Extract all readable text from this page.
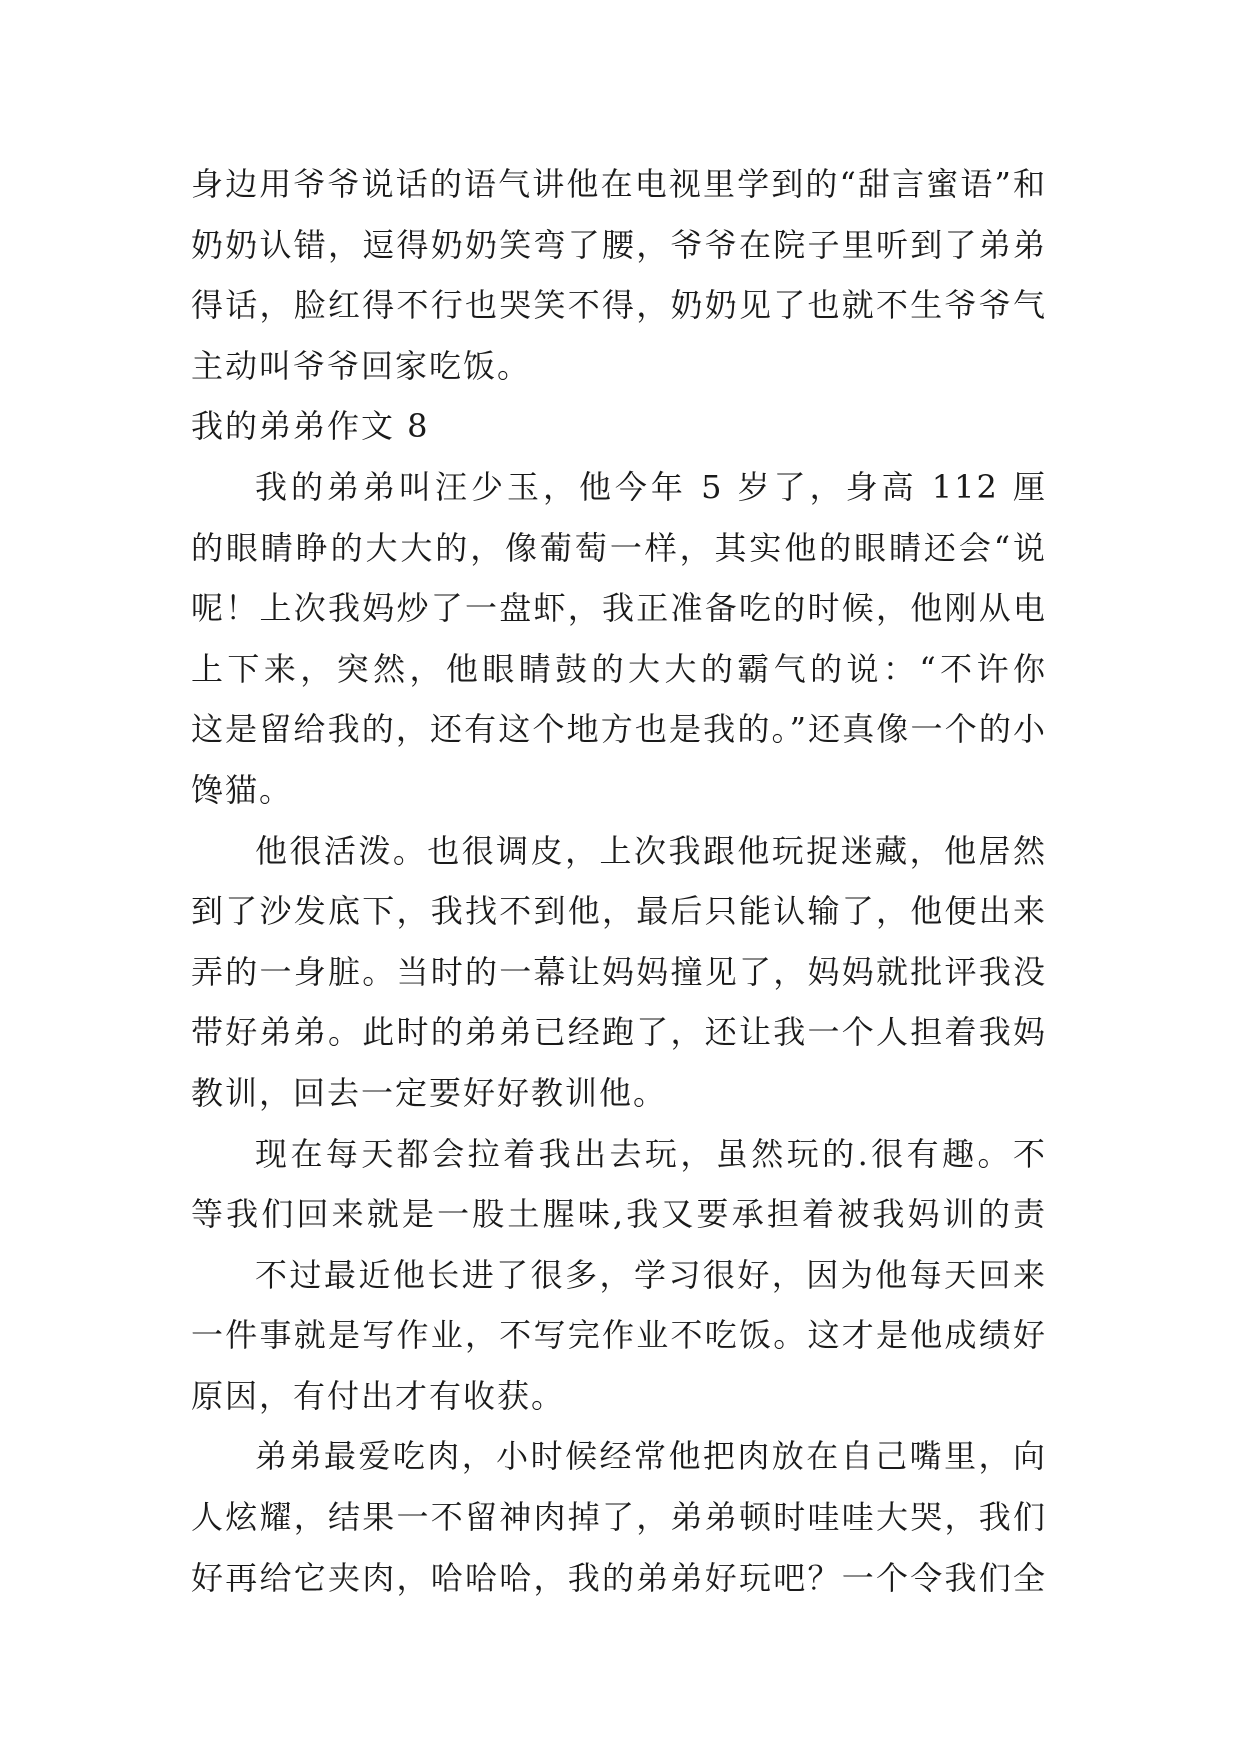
身边用爷爷说话的语气讲他在电视里学到的“甜言蜜语”和
奶奶认错，逗得奶奶笑弯了腰，爷爷在院子里听到了弟弟
得话，脸红得不行也哭笑不得，奶奶见了也就不生爷爷气
主动叫爷爷回家吃饭。
我的弟弟作文 8
我的弟弟叫汪少玉，他今年 5 岁了，身高 112 厘
的眼睛睁的大大的，像葡萄一样，其实他的眼睛还会“说
呢！上次我妈炒了一盘虾，我正准备吃的时候，他刚从电
上下来，突然，他眼睛鼓的大大的霸气的说：“不许你
这是留给我的，还有这个地方也是我的。”还真像一个的小
馋猫。
他很活泼。也很调皮，上次我跟他玩捉迷藏，他居然
到了沙发底下，我找不到他，最后只能认输了，他便出来
弄的一身脏。当时的一幕让妈妈撞见了，妈妈就批评我没
带好弟弟。此时的弟弟已经跑了，还让我一个人担着我妈
教训，回去一定要好好教训他。
现在每天都会拉着我出去玩，虽然玩的.很有趣。不
等我们回来就是一股土腥味,我又要承担着被我妈训的责
不过最近他长进了很多，学习很好，因为他每天回来
一件事就是写作业，不写完作业不吃饭。这才是他成绩好
原因，有付出才有收获。
弟弟最爱吃肉，小时候经常他把肉放在自己嘴里，向
人炫耀，结果一不留神肉掉了，弟弟顿时哇哇大哭，我们
好再给它夹肉，哈哈哈，我的弟弟好玩吧？一个令我们全
